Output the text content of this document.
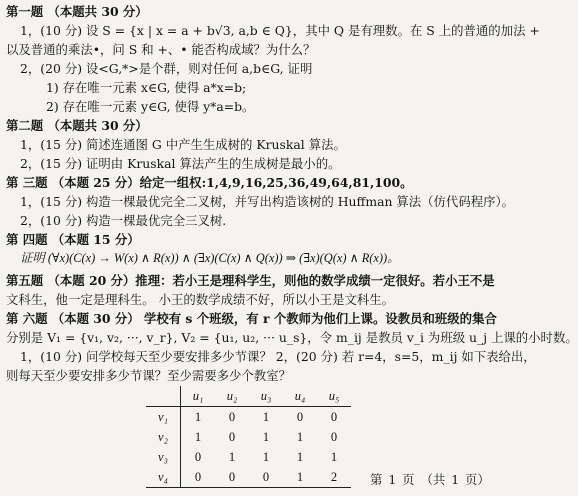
第一题 （本题共 30 分）
1，(10 分) 设 S = {x | x = a + b√3, a,b ∈ Q}，其中 Q 是有理数。在 S 上的普通的加法 +
以及普通的乘法•，问 S 和 +、• 能否构成域？为什么？
2，(20 分) 设<G,*>是个群，则对任何 a,b∈G, 证明
1) 存在唯一元素 x∈G, 使得 a*x=b;
2) 存在唯一元素 y∈G, 使得 y*a=b。
第二题 （本题共 30 分）
1，(15 分) 简述连通图 G 中产生生成树的 Kruskal 算法。
2，(15 分) 证明由 Kruskal 算法产生的生成树是最小的。
第 三题 （本题 25 分）给定一组权:1,4,9,16,25,36,49,64,81,100。
1，(15 分) 构造一棵最优完全二叉树，并写出构造该树的 Huffman 算法（仿代码程序）。
2，(10 分) 构造一棵最优完全三叉树.
第 四题 （本题 15 分）
证明 (∀x)(C(x) → W(x) ∧ R(x)) ∧ (∃x)(C(x) ∧ Q(x)) ⇒ (∃x)(Q(x) ∧ R(x))。
第五题 （本题 20 分）推理：若小王是理科学生，则他的数学成绩一定很好。若小王不是
文科生，他一定是理科生。 小王的数学成绩不好，所以小王是文科生。
第 六题 （本题 30 分） 学校有 s 个班级，有 r 个教师为他们上课。设教员和班级的集合
分别是 V₁ = {v₁, v₂, ···, v_r}, V₂ = {u₁, u₂, ··· u_s}，令 m_ij 是教员 v_i 为班级 u_j 上课的小时数。
1，(10 分) 问学校每天至少要安排多少节课？ 2，(20 分) 若 r=4，s=5，m_ij 如下表给出，
则每天至少要安排多少节课？至少需要多少个教室？
	u₁	u₂	u₃	u₄	u₅
v₁	1	0	1	0	0
v₂	1	0	1	1	0
v₃	0	1	1	1	1
v₄	0	0	0	1	2	第 1 页 （共 1 页）
